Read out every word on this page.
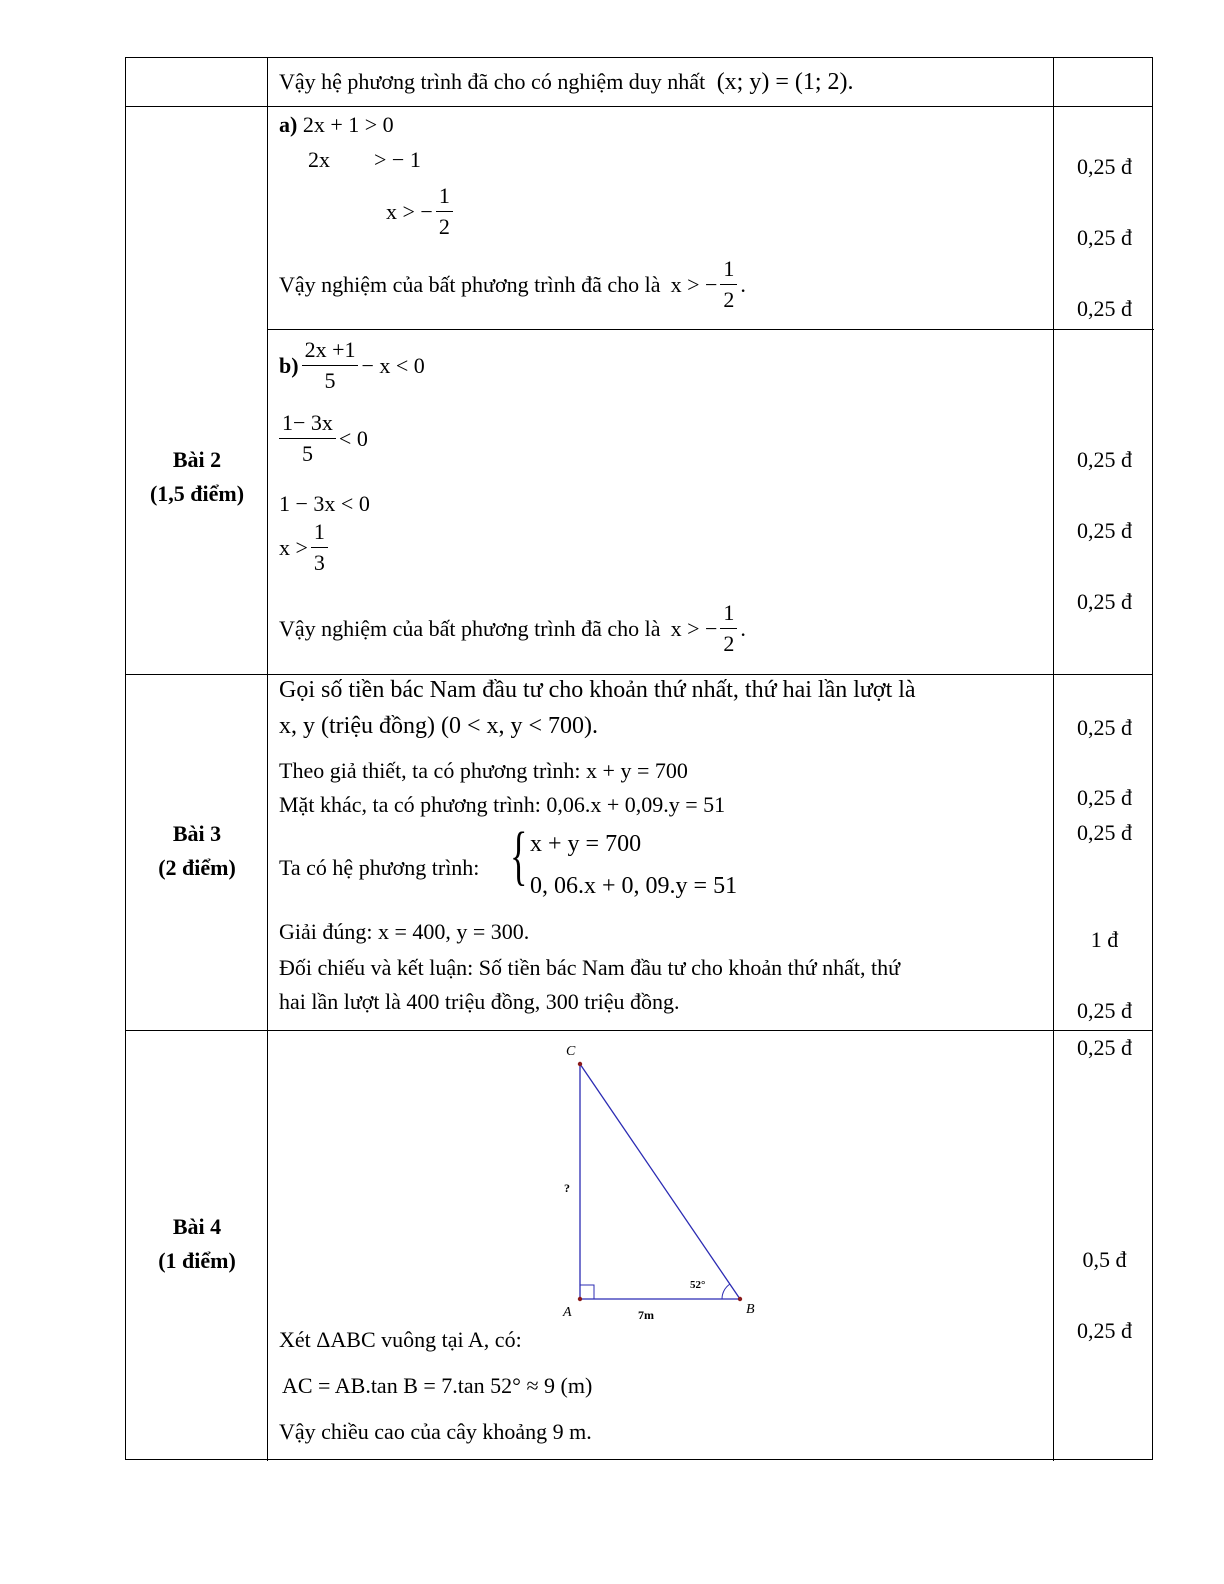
Vậy hệ phương trình đã cho có nghiệm duy nhất (x; y) = (1; 2).
Bài 2
(1,5 điểm)
a) 2x + 1 > 0
2x > − 1
x > − $\frac{1}{2}$
Vậy nghiệm của bất phương trình đã cho là x > − $\frac{1}{2}$ .
$b) \frac{2x +1}{5} - x < 0$
$\frac{1- 3x}{5} < 0$
1 − 3x < 0
$x > \frac{1}{3}$
Vậy nghiệm của bất phương trình đã cho là x > − $\frac{1}{2}$ .
0,25 đ
0,25 đ
0,25 đ
0,25 đ
0,25 đ
0,25 đ
Bài 3
(2 điểm)
Gọi số tiền bác Nam đầu tư cho khoản thứ nhất, thứ hai lần lượt là
x, y (triệu đồng) (0 < x, y < 700).
Theo giả thiết, ta có phương trình: x + y = 700
Mặt khác, ta có phương trình: 0,06.x + 0,09.y = 51
Ta có hệ phương trình: { x + y = 700
0, 06.x + 0, 09.y = 51
Giải đúng: x = 400, y = 300.
Đối chiếu và kết luận: Số tiền bác Nam đầu tư cho khoản thứ nhất, thứ
hai lần lượt là 400 triệu đồng, 300 triệu đồng.
0,25 đ
0,25 đ
0,25 đ
1 đ
0,25 đ
Bài 4
(1 điểm)
C
A	B
?
7m
52°
Xét ΔABC vuông tại A, có:
AC = AB.tan B = 7.tan 52° ≈ 9 (m)
Vậy chiều cao của cây khoảng 9 m.
0,25 đ
0,5 đ
0,25 đ
